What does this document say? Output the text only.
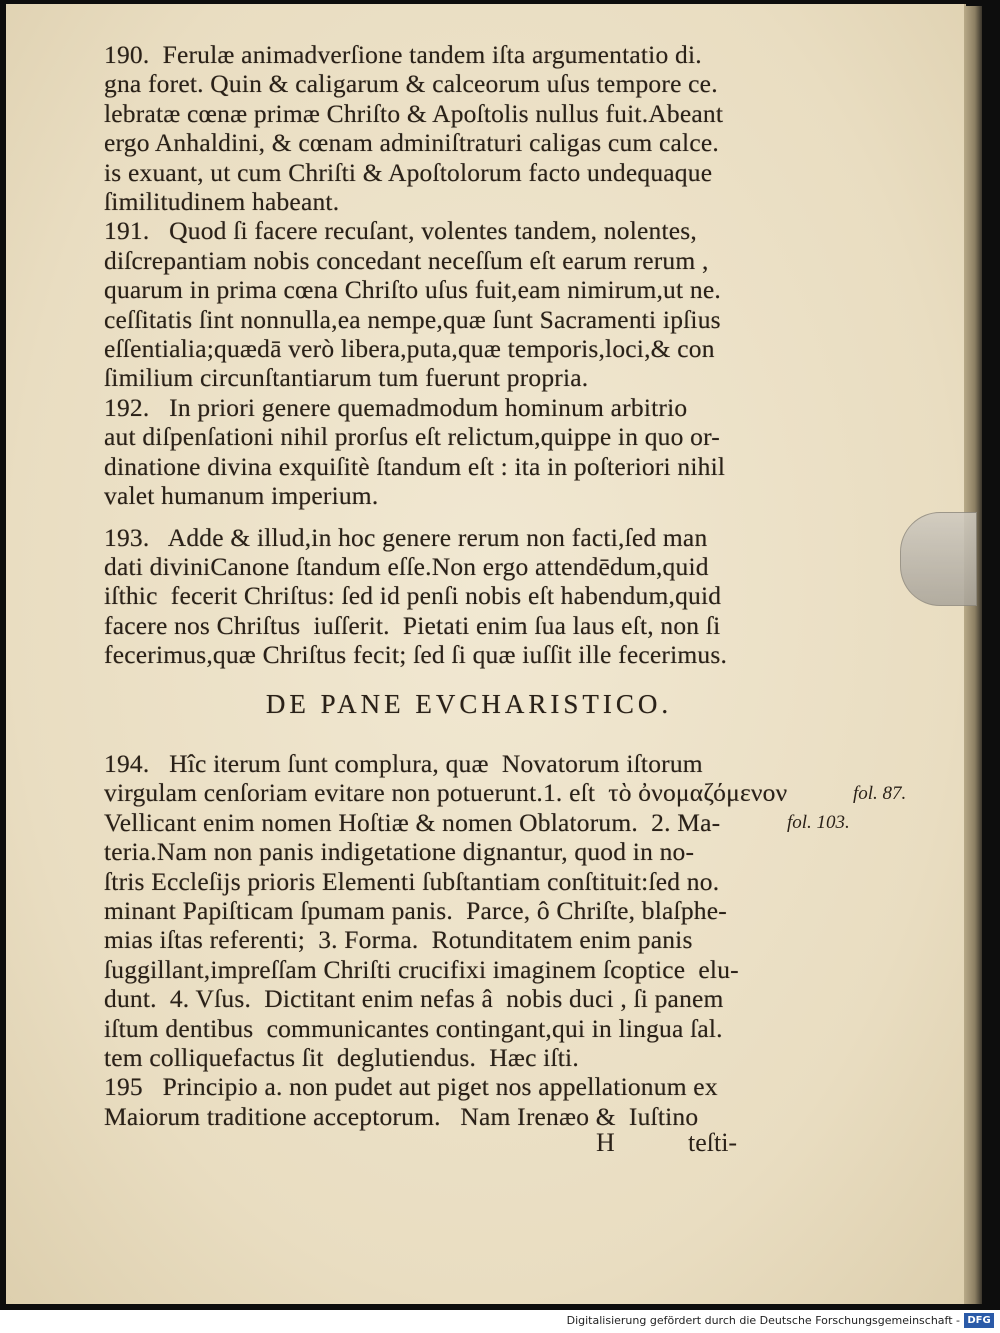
190.  Ferulæ animadverſione tandem iſta argumentatio di.
gna foret. Quin & caligarum & calceorum uſus tempore ce.
lebratæ cœnæ primæ Chriſto & Apoſtolis nullus fuit.Abeant
ergo Anhaldini, & cœnam adminiſtraturi caligas cum calce.
is exuant, ut cum Chriſti & Apoſtolorum facto undequaque
ſimilitudinem habeant.
191.   Quod ſi facere recuſant, volentes tandem, nolentes,
diſcrepantiam nobis concedant neceſſum eſt earum rerum ,
quarum in prima cœna Chriſto uſus fuit,eam nimirum,ut ne.
ceſſitatis ſint nonnulla,ea nempe,quæ ſunt Sacramenti ipſius
eſſentialia;quædā verò libera,puta,quæ temporis,loci,& con
ſimilium circunſtantiarum tum fuerunt propria.
192.   In priori genere quemadmodum hominum arbitrio
aut diſpenſationi nihil prorſus eſt relictum,quippe in quo or-
dinatione divina exquiſitè ſtandum eſt : ita in poſteriori nihil
valet humanum imperium.
193.   Adde & illud,in hoc genere rerum non facti,ſed man
dati diviniCanone ſtandum eſſe.Non ergo attendēdum,quid
iſthic  fecerit Chriſtus: ſed id penſi nobis eſt habendum,quid
facere nos Chriſtus  iuſſerit.  Pietati enim ſua laus eſt, non ſi
fecerimus,quæ Chriſtus fecit; ſed ſi quæ iuſſit ille fecerimus.
DE PANE EVCHARISTICO.
194.   Hîc iterum ſunt complura, quæ  Novatorum iſtorum
virgulam cenſoriam evitare non potuerunt.1. eſt  τὸ ὀνομαζόμενον
Vellicant enim nomen Hoſtiæ & nomen Oblatorum.  2. Ma-
teria.Nam non panis indigetatione dignantur, quod in no-
ſtris Eccleſijs prioris Elementi ſubſtantiam conſtituit:ſed no.
minant Papiſticam ſpumam panis.  Parce, ô Chriſte, blaſphe-
mias iſtas referenti;  3. Forma.  Rotunditatem enim panis
ſuggillant,impreſſam Chriſti crucifixi imaginem ſcoptice  elu-
dunt.  4. Vſus.  Dictitant enim nefas â  nobis duci , ſi panem
iſtum dentibus  communicantes contingant,qui in lingua ſal.
tem colliquefactus ſit  deglutiendus.  Hæc iſti.
195   Principio a. non pudet aut piget nos appellationum ex
Maiorum traditione acceptorum.   Nam Irenæo &  Iuſtino
fol. 87.
fol. 103.
H	teſti-
Digitalisierung gefördert durch die Deutsche Forschungsgemeinschaft - DFG
